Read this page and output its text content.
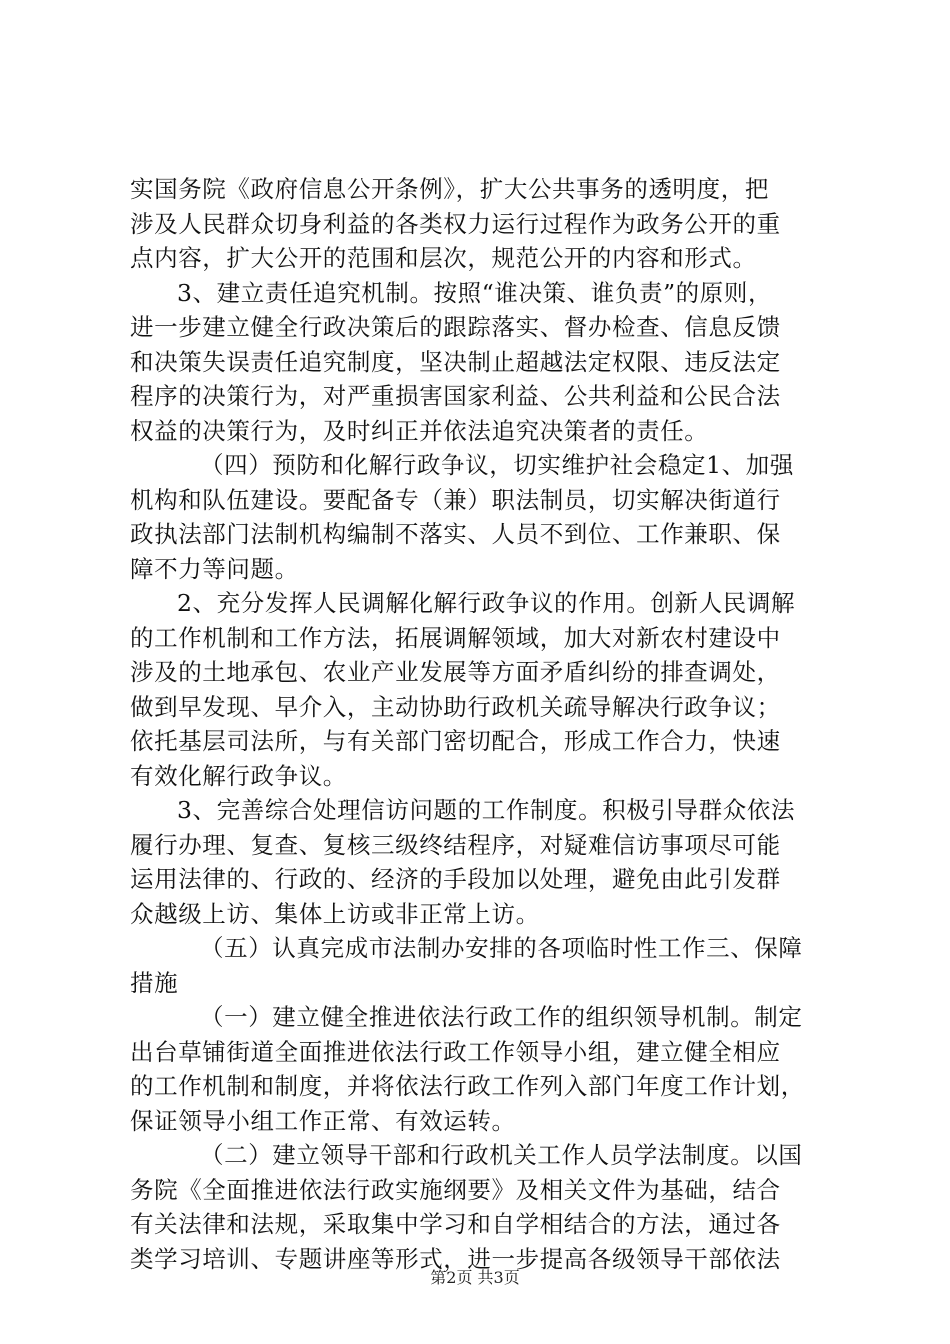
实国务院《政府信息公开条例》，扩大公共事务的透明度，把
涉及人民群众切身利益的各类权力运行过程作为政务公开的重
点内容，扩大公开的范围和层次，规范公开的内容和形式。
3、建立责任追究机制。按照“谁决策、谁负责”的原则，
进一步建立健全行政决策后的跟踪落实、督办检查、信息反馈
和决策失误责任追究制度，坚决制止超越法定权限、违反法定
程序的决策行为，对严重损害国家利益、公共利益和公民合法
权益的决策行为，及时纠正并依法追究决策者的责任。
（四）预防和化解行政争议，切实维护社会稳定1、加强
机构和队伍建设。要配备专（兼）职法制员，切实解决街道行
政执法部门法制机构编制不落实、人员不到位、工作兼职、保
障不力等问题。
2、充分发挥人民调解化解行政争议的作用。创新人民调解
的工作机制和工作方法，拓展调解领域，加大对新农村建设中
涉及的土地承包、农业产业发展等方面矛盾纠纷的排查调处，
做到早发现、早介入，主动协助行政机关疏导解决行政争议；
依托基层司法所，与有关部门密切配合，形成工作合力，快速
有效化解行政争议。
3、完善综合处理信访问题的工作制度。积极引导群众依法
履行办理、复查、复核三级终结程序，对疑难信访事项尽可能
运用法律的、行政的、经济的手段加以处理，避免由此引发群
众越级上访、集体上访或非正常上访。
（五）认真完成市法制办安排的各项临时性工作三、保障
措施
（一）建立健全推进依法行政工作的组织领导机制。制定
出台草铺街道全面推进依法行政工作领导小组，建立健全相应
的工作机制和制度，并将依法行政工作列入部门年度工作计划，
保证领导小组工作正常、有效运转。
（二）建立领导干部和行政机关工作人员学法制度。以国
务院《全面推进依法行政实施纲要》及相关文件为基础，结合
有关法律和法规，采取集中学习和自学相结合的方法，通过各
类学习培训、专题讲座等形式，进一步提高各级领导干部依法
第2页 共3页
